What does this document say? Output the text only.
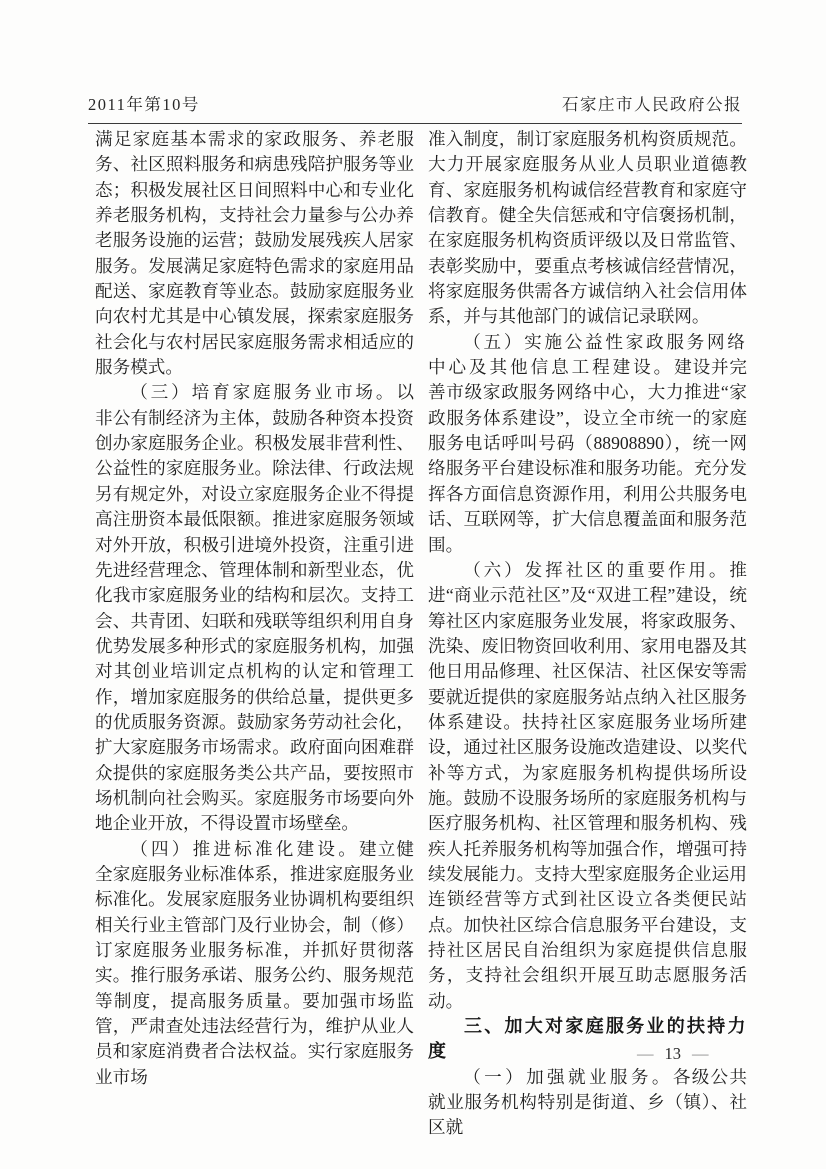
2011年第10号	石家庄市人民政府公报

满足家庭基本需求的家政服务、养老服务、社区照料服务和病患残陪护服务等业态；积极发展社区日间照料中心和专业化养老服务机构，支持社会力量参与公办养老服务设施的运营；鼓励发展残疾人居家服务。发展满足家庭特色需求的家庭用品配送、家庭教育等业态。鼓励家庭服务业向农村尤其是中心镇发展，探索家庭服务社会化与农村居民家庭服务需求相适应的服务模式。

（三）培育家庭服务业市场。以非公有制经济为主体，鼓励各种资本投资创办家庭服务企业。积极发展非营利性、公益性的家庭服务业。除法律、行政法规另有规定外，对设立家庭服务企业不得提高注册资本最低限额。推进家庭服务领域对外开放，积极引进境外投资，注重引进先进经营理念、管理体制和新型业态，优化我市家庭服务业的结构和层次。支持工会、共青团、妇联和残联等组织利用自身优势发展多种形式的家庭服务机构，加强对其创业培训定点机构的认定和管理工作，增加家庭服务的供给总量，提供更多的优质服务资源。鼓励家务劳动社会化，扩大家庭服务市场需求。政府面向困难群众提供的家庭服务类公共产品，要按照市场机制向社会购买。家庭服务市场要向外地企业开放，不得设置市场壁垒。

（四）推进标准化建设。建立健全家庭服务业标准体系，推进家庭服务业标准化。发展家庭服务业协调机构要组织相关行业主管部门及行业协会，制（修）订家庭服务业服务标准，并抓好贯彻落实。推行服务承诺、服务公约、服务规范等制度，提高服务质量。要加强市场监管，严肃查处违法经营行为，维护从业人员和家庭消费者合法权益。实行家庭服务业市场

准入制度，制订家庭服务机构资质规范。大力开展家庭服务从业人员职业道德教育、家庭服务机构诚信经营教育和家庭守信教育。健全失信惩戒和守信褒扬机制，在家庭服务机构资质评级以及日常监管、表彰奖励中，要重点考核诚信经营情况，将家庭服务供需各方诚信纳入社会信用体系，并与其他部门的诚信记录联网。

（五）实施公益性家政服务网络中心及其他信息工程建设。建设并完善市级家政服务网络中心，大力推进“家政服务体系建设”，设立全市统一的家庭服务电话呼叫号码（88908890），统一网络服务平台建设标准和服务功能。充分发挥各方面信息资源作用，利用公共服务电话、互联网等，扩大信息覆盖面和服务范围。

（六）发挥社区的重要作用。推进“商业示范社区”及“双进工程”建设，统筹社区内家庭服务业发展，将家政服务、洗染、废旧物资回收利用、家用电器及其他日用品修理、社区保洁、社区保安等需要就近提供的家庭服务站点纳入社区服务体系建设。扶持社区家庭服务业场所建设，通过社区服务设施改造建设、以奖代补等方式，为家庭服务机构提供场所设施。鼓励不设服务场所的家庭服务机构与医疗服务机构、社区管理和服务机构、残疾人托养服务机构等加强合作，增强可持续发展能力。支持大型家庭服务企业运用连锁经营等方式到社区设立各类便民站点。加快社区综合信息服务平台建设，支持社区居民自治组织为家庭提供信息服务，支持社会组织开展互助志愿服务活动。

三、加大对家庭服务业的扶持力度

（一）加强就业服务。各级公共就业服务机构特别是街道、乡（镇）、社区就

— 13 —
